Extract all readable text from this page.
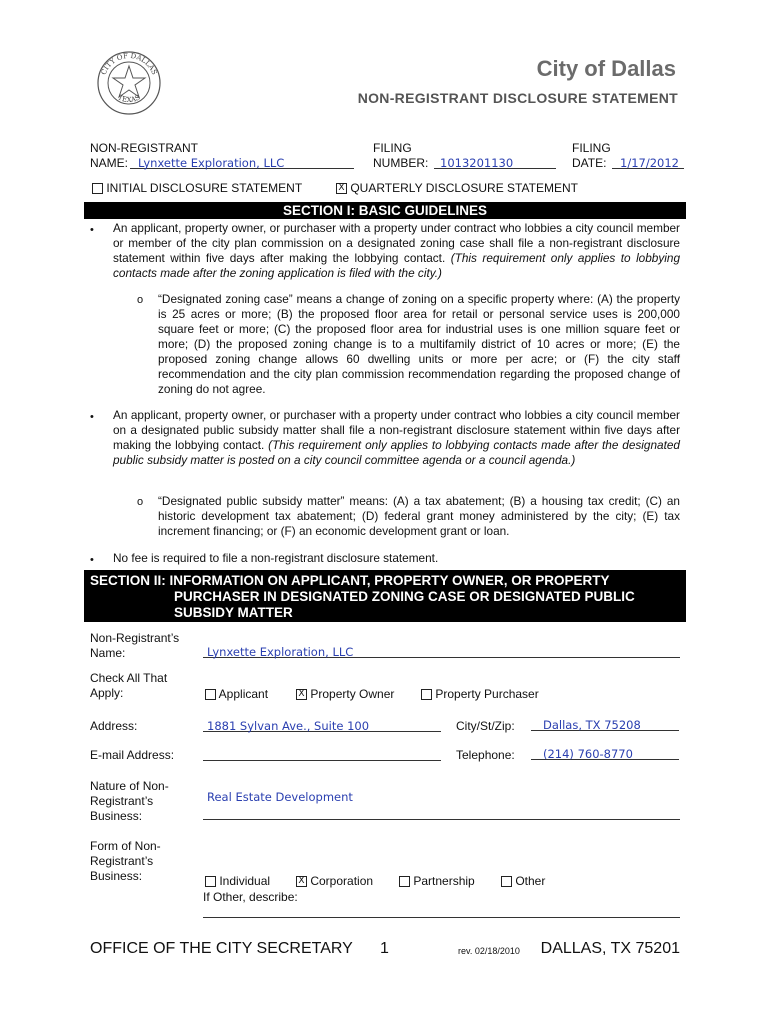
CITY OF DALLAS
TEXAS
City of Dallas
NON-REGISTRANT DISCLOSURE STATEMENT
NON-REGISTRANT
NAME: Lynxette Exploration, LLC
FILING
NUMBER:	1013201130
FILING
DATE:	1/17/2012
INITIAL DISCLOSURE STATEMENT	X QUARTERLY DISCLOSURE STATEMENT
SECTION I: BASIC GUIDELINES
• An applicant, property owner, or purchaser with a property under contract who lobbies a city council member or member of the city plan commission on a designated zoning case shall file a non-registrant disclosure statement within five days after making the lobbying contact. (This requirement only applies to lobbying contacts made after the zoning application is filed with the city.)
o “Designated zoning case” means a change of zoning on a specific property where: (A) the property is 25 acres or more; (B) the proposed floor area for retail or personal service uses is 200,000 square feet or more; (C) the proposed floor area for industrial uses is one million square feet or more; (D) the proposed zoning change is to a multifamily district of 10 acres or more; (E) the proposed zoning change allows 60 dwelling units or more per acre; or (F) the city staff recommendation and the city plan commission recommendation regarding the proposed change of zoning do not agree.
• An applicant, property owner, or purchaser with a property under contract who lobbies a city council member on a designated public subsidy matter shall file a non-registrant disclosure statement within five days after making the lobbying contact. (This requirement only applies to lobbying contacts made after the designated public subsidy matter is posted on a city council committee agenda or a council agenda.)
o “Designated public subsidy matter” means: (A) a tax abatement; (B) a housing tax credit; (C) an historic development tax abatement; (D) federal grant money administered by the city; (E) tax increment financing; or (F) an economic development grant or loan.
• No fee is required to file a non-registrant disclosure statement.
SECTION II: INFORMATION ON APPLICANT, PROPERTY OWNER, OR PROPERTY
PURCHASER IN DESIGNATED ZONING CASE OR DESIGNATED PUBLIC
SUBSIDY MATTER
Non-Registrant’s
Name:	Lynxette Exploration, LLC
Check All That
Apply:	Applicant	X Property Owner	Property Purchaser
Address:	1881 Sylvan Ave., Suite 100	City/St/Zip:	Dallas, TX 75208
E-mail Address:	Telephone:	(214) 760-8770
Nature of Non-
Registrant’s
Business:
Real Estate Development
Form of Non-
Registrant’s
Business:	Individual	X Corporation	Partnership	Other
If Other, describe:
OFFICE OF THE CITY SECRETARY 1	rev. 02/18/2010 DALLAS, TX 75201
